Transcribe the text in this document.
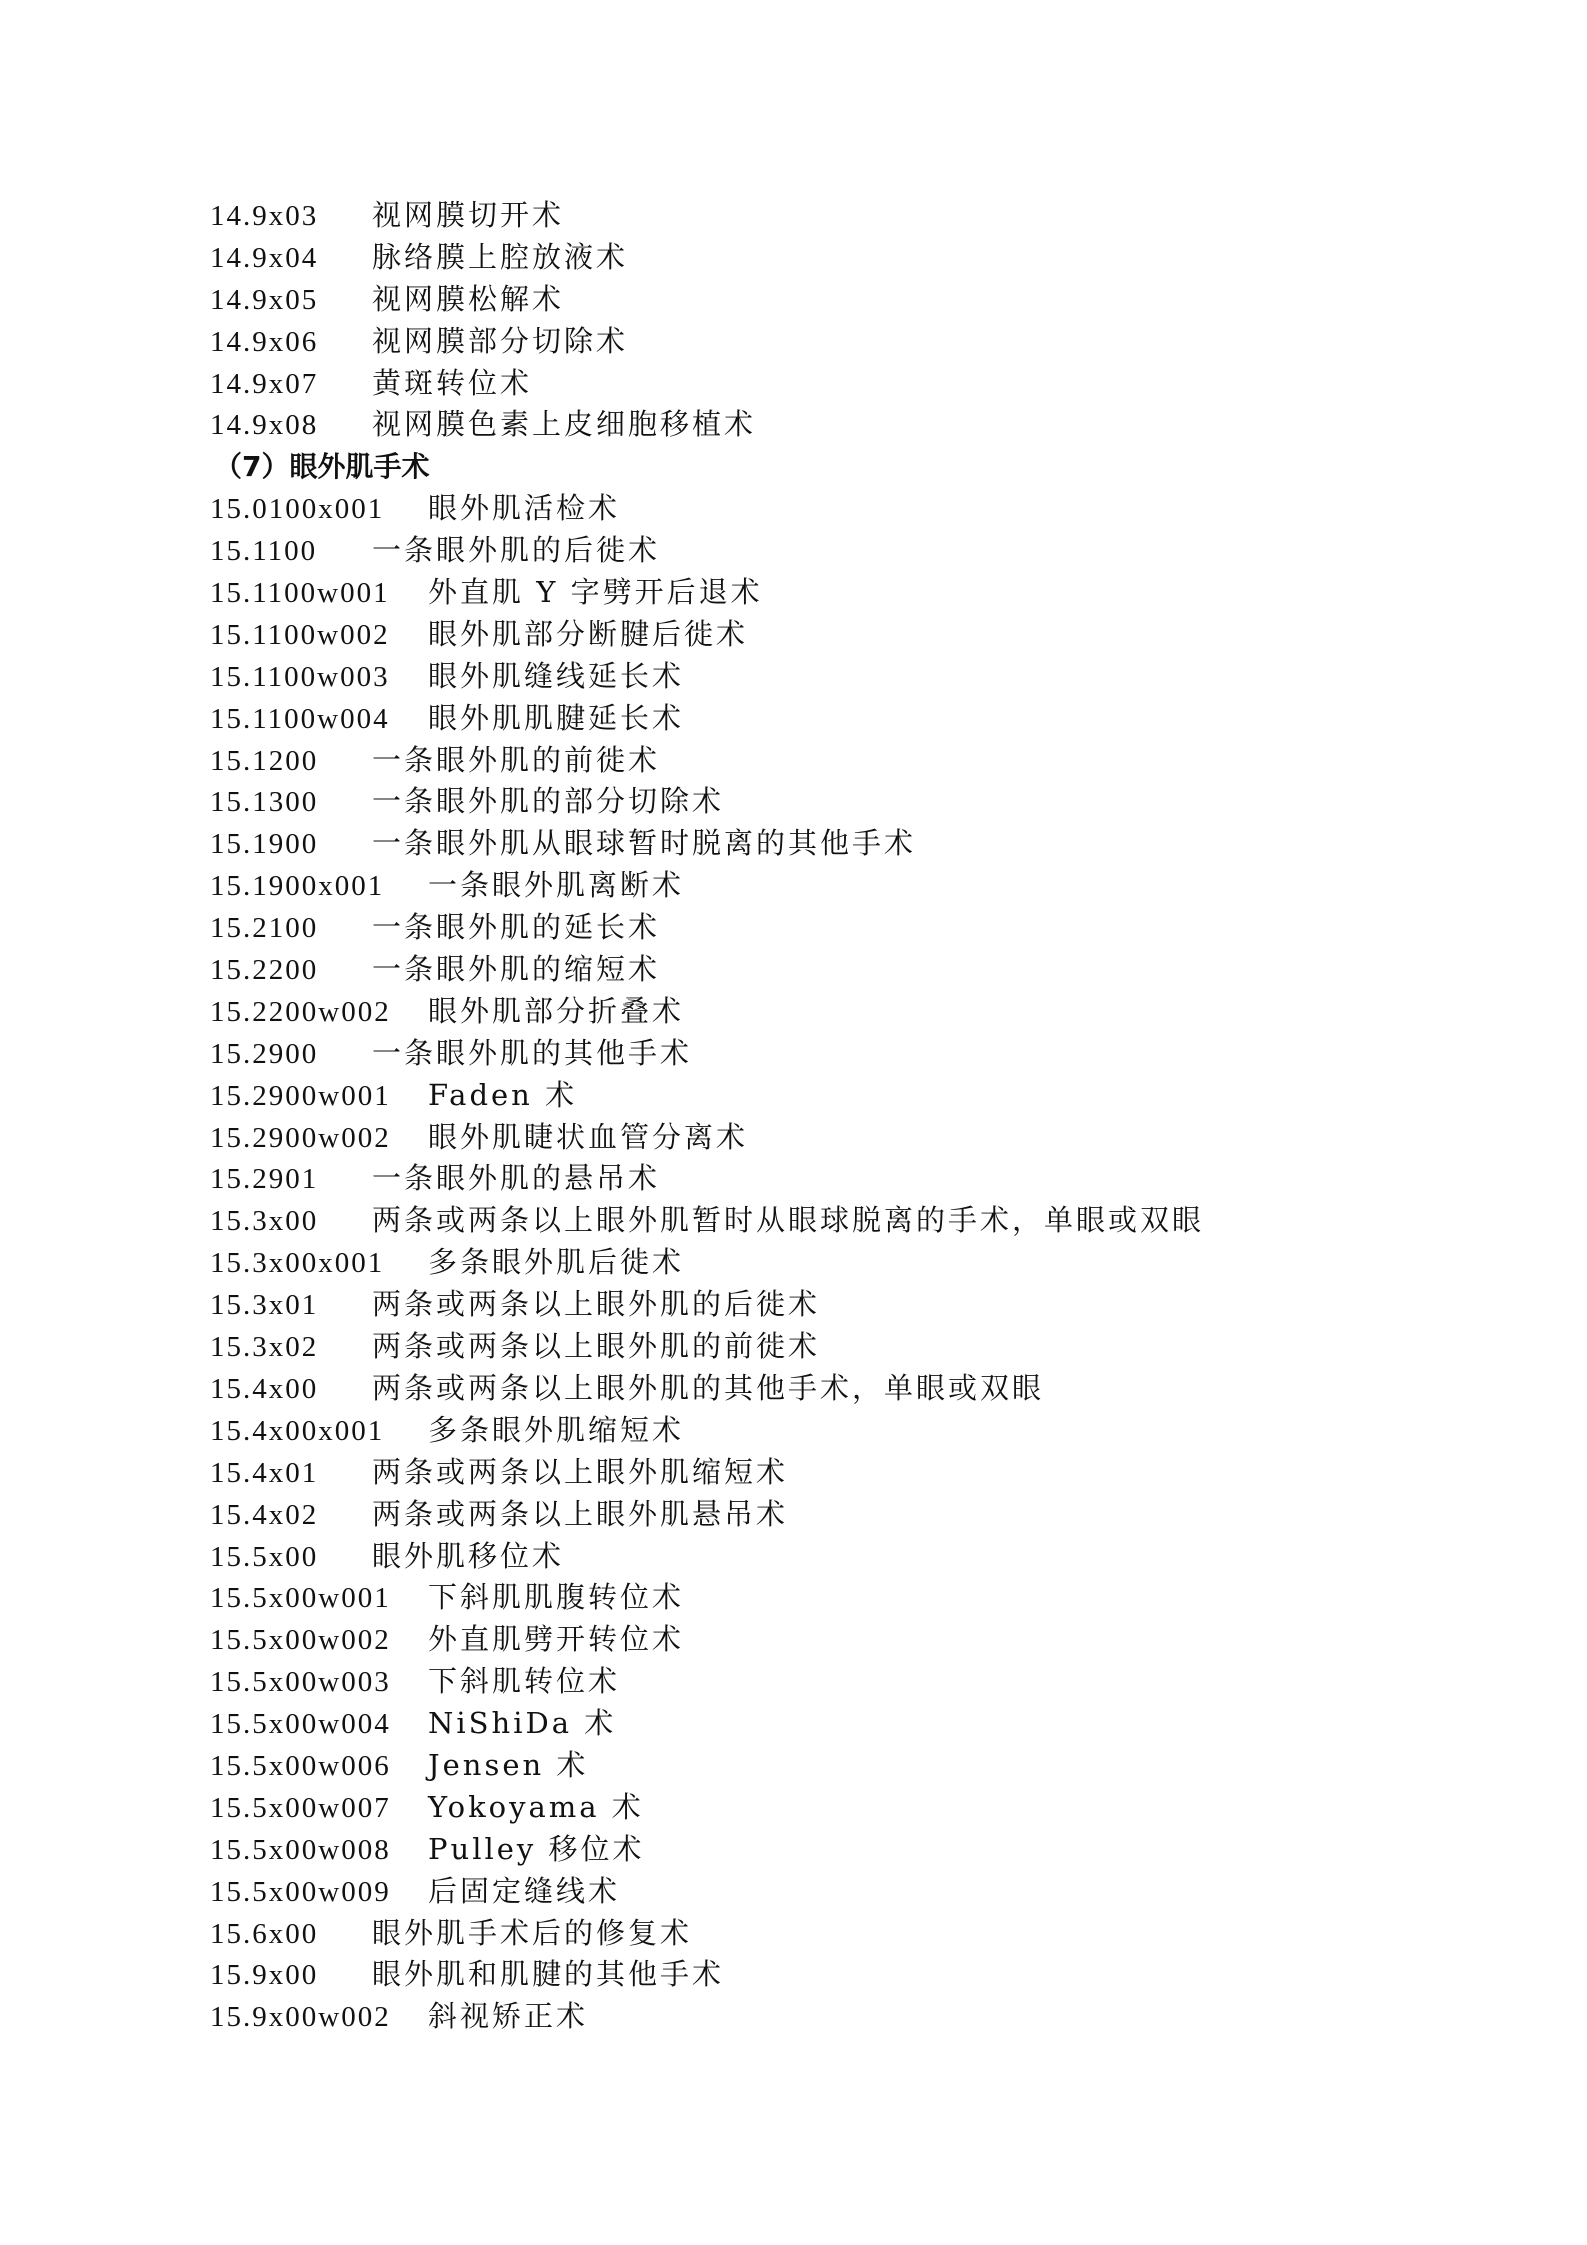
14.9x03 视网膜切开术
14.9x04 脉络膜上腔放液术
14.9x05 视网膜松解术
14.9x06 视网膜部分切除术
14.9x07 黄斑转位术
14.9x08 视网膜色素上皮细胞移植术
（7）眼外肌手术
15.0100x001 眼外肌活检术
15.1100 一条眼外肌的后徙术
15.1100w001 外直肌 Y 字劈开后退术
15.1100w002 眼外肌部分断腱后徙术
15.1100w003 眼外肌缝线延长术
15.1100w004 眼外肌肌腱延长术
15.1200 一条眼外肌的前徙术
15.1300 一条眼外肌的部分切除术
15.1900 一条眼外肌从眼球暂时脱离的其他手术
15.1900x001 一条眼外肌离断术
15.2100 一条眼外肌的延长术
15.2200 一条眼外肌的缩短术
15.2200w002 眼外肌部分折叠术
15.2900 一条眼外肌的其他手术
15.2900w001 Faden 术
15.2900w002 眼外肌睫状血管分离术
15.2901 一条眼外肌的悬吊术
15.3x00 两条或两条以上眼外肌暂时从眼球脱离的手术，单眼或双眼
15.3x00x001 多条眼外肌后徙术
15.3x01 两条或两条以上眼外肌的后徙术
15.3x02 两条或两条以上眼外肌的前徙术
15.4x00 两条或两条以上眼外肌的其他手术，单眼或双眼
15.4x00x001 多条眼外肌缩短术
15.4x01 两条或两条以上眼外肌缩短术
15.4x02 两条或两条以上眼外肌悬吊术
15.5x00 眼外肌移位术
15.5x00w001 下斜肌肌腹转位术
15.5x00w002 外直肌劈开转位术
15.5x00w003 下斜肌转位术
15.5x00w004 NiShiDa 术
15.5x00w006 Jensen 术
15.5x00w007 Yokoyama 术
15.5x00w008 Pulley 移位术
15.5x00w009 后固定缝线术
15.6x00 眼外肌手术后的修复术
15.9x00 眼外肌和肌腱的其他手术
15.9x00w002 斜视矫正术
